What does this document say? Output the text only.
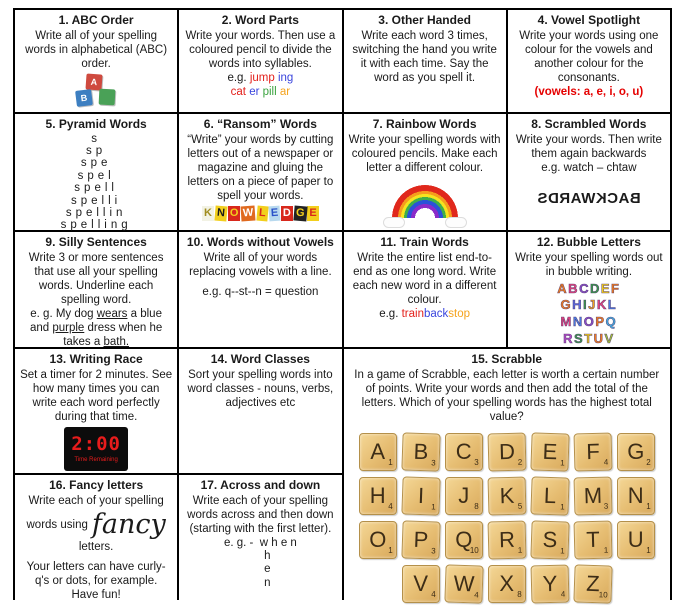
1. ABC Order
Write all of your spelling words in alphabetical (ABC) order.
A
B
2. Word Parts
Write your words. Then use a coloured pencil to divide the words into syllables.
e.g. jump ing
cat er pill ar
3. Other Handed
Write each word 3 times, switching the hand you write it with each time. Say the word as you spell it.
4. Vowel Spotlight
Write your words using one colour for the vowels and another colour for the consonants.
(vowels: a, e, i, o, u)
5. Pyramid Words
s
sp
spe
spel
spell
spelli
spellin
spelling
6. “Ransom” Words
“Write” your words by cutting letters out of a newspaper or magazine and gluing the letters on a piece of paper to spell your words.
K N O W L E D G E
7. Rainbow Words
Write your spelling words with coloured pencils. Make each letter a different colour.
8. Scrambled Words
Write your words. Then write them again backwards
e.g. watch – chtaw
BACKWARDS
9. Silly Sentences
Write 3 or more sentences that use all your spelling words. Underline each spelling word.
e. g. My dog wears a blue and purple dress when he takes a bath.
10. Words without Vowels
Write all of your words replacing vowels with a line.
e.g. q--st--n = question
11. Train Words
Write the entire list end-to-end as one long word. Write each new word in a different colour.
e.g. trainbackstop
12. Bubble Letters
Write your spelling words out in bubble writing.
ABCDEF
GHIJKL
MNOPQ
RSTUV
13. Writing Race
Set a timer for 2 minutes. See how many times you can write each word perfectly during that time.
2:00
Time Remaining
14. Word Classes
Sort your spelling words into word classes - nouns, verbs, adjectives etc
15. Scrabble
In a game of Scrabble, each letter is worth a certain number of points. Write your words and then add the total of the letters. Which of your spelling words has the highest total value?
A 1 B 3 C 3 D 2 E 1 F 4 G 2
H 4 I 1 J 8 K 5 L 1 M 3 N 1
O 1 P 3 Q
10 R 1 S 1 T 1 U 1
V 4 W 4 X 8 Y 4 Z
10
16. Fancy letters
Write each of your spelling
words using fancy
letters.
Your letters can have curly-q's or dots, for example.
Have fun!
17. Across and down
Write each of your spelling words across and then down (starting with the first letter).
e. g. -  w h e n
h
e
n
